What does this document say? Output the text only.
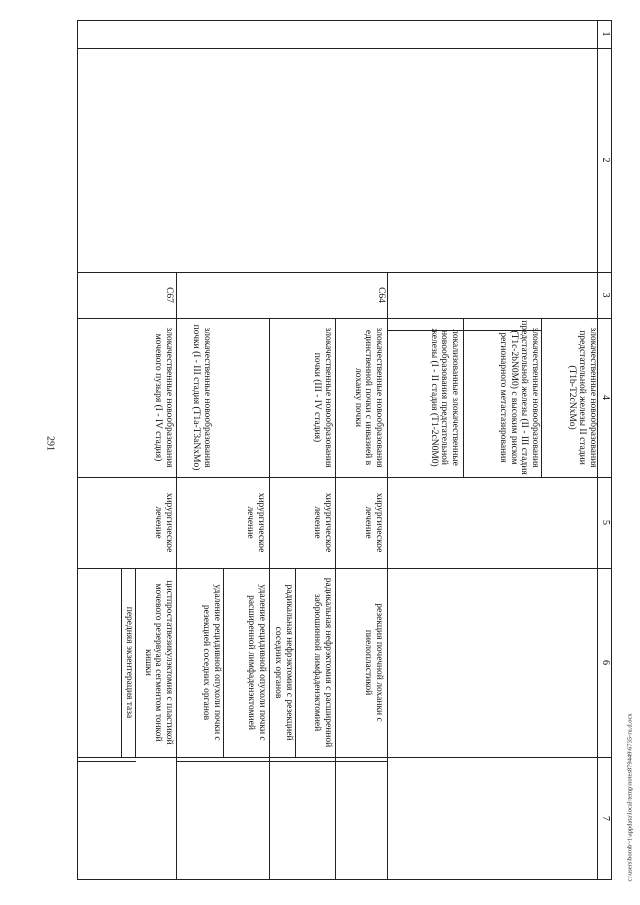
291
1
2
3
4
5
6
7
злокачественные новообразования предстательной железы II стадии (T1b-T2cNxMo)
злокачественные новообразования предстательной железы (II - III стадия (T1c-2bN0M0) с высоким риском регионарного метастазирования
локализованные злокачественные новообразования предстательной железы (I - II стадия (T1-2cN0M0)
C64
злокачественные новообразования единственной почки с инвазией в лоханку почки
хирургическое лечение
резекция почечной лоханки с пиелопластикой
злокачественные новообразования почки (III - IV стадия)
хирургическое лечение
радикальная нефрэктомия с расширенной забрюшинной лимфаденэктомией
радикальная нефрэктомия с резекцией соседних органов
злокачественные новообразования почки (I - III стадия (T1a-T3aNxMo)
хирургическое лечение
удаление рецидивной опухоли почки с расширенной лимфаденэктомией
удаление рецидивной опухоли почки с резекцией соседних органов
C67
злокачественные новообразования мочевого пузыря (I - IV стадия)
хирургическое лечение
цистпростатвезикулэктомия с пластикой мочевого резервуара сегментом тонкой кишки
передняя экзентерация таза
c:\users\borob~1\appdata\local\temp\notes879449\6735-ru.d.ocx
